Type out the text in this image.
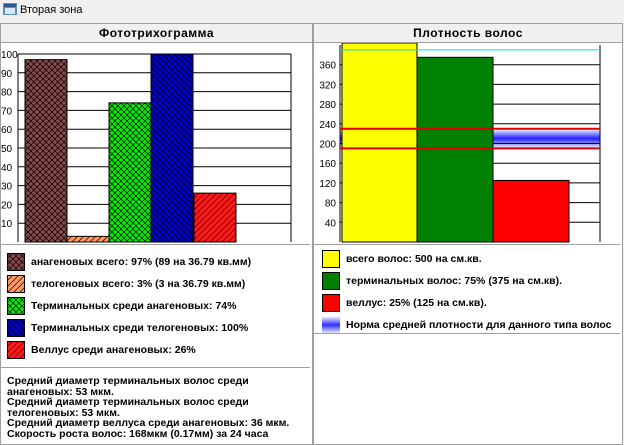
Вторая зона
Фототрихограмма
10
20
30
40
50
60
70
80
90
100
анагеновых всего: 97% (89 на 36.79 кв.мм)
телогеновых всего: 3% (3 на 36.79 кв.мм)
Терминальных среди анагеновых: 74%
Терминальных среди телогеновых: 100%
Веллус среди анагеновых: 26%
Средний диаметр терминальных волос среди анагеновых: 53 мкм.
Средний диаметр терминальных волос среди телогеновых: 53 мкм.
Средний диаметр веллуса среди анагеновых: 36 мкм.
Скорость роста волос: 168мкм (0.17мм) за 24 часа
Плотность волос
40
80
120
160
200
240
280
320
360
всего волос: 500 на см.кв.
терминальных волос: 75% (375 на см.кв).
веллус: 25% (125 на см.кв).
Норма средней плотности для данного типа волос
